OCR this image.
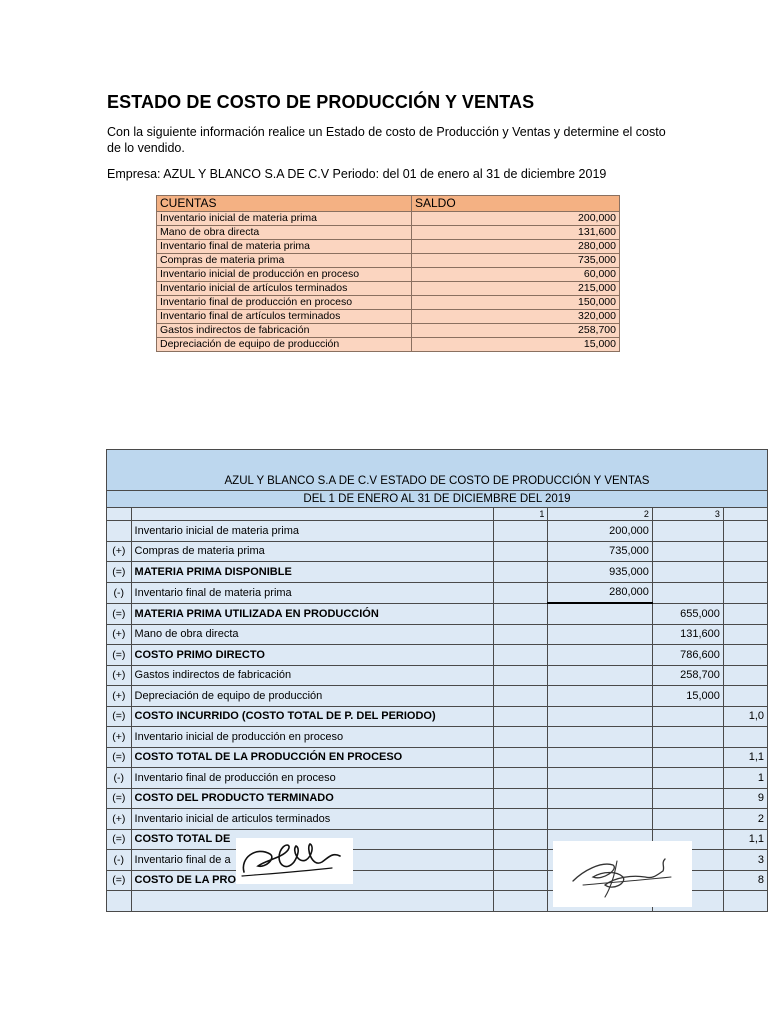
ESTADO DE COSTO DE PRODUCCIÓN Y VENTAS
Con la siguiente información realice un Estado de costo de Producción y Ventas y determine el costo de lo vendido.
Empresa: AZUL Y BLANCO S.A DE C.V Periodo: del 01 de enero al 31 de diciembre 2019
CUENTAS	SALDO
Inventario inicial de materia prima	200,000
Mano de obra directa	131,600
Inventario final de materia prima	280,000
Compras de materia prima	735,000
Inventario inicial de producción en proceso	60,000
Inventario inicial de artículos terminados	215,000
Inventario final de producción en proceso	150,000
Inventario final de artículos terminados	320,000
Gastos indirectos de fabricación	258,700
Depreciación de equipo de producción	15,000
AZUL Y BLANCO S.A DE C.V ESTADO DE COSTO DE PRODUCCIÓN Y VENTAS					
DEL 1 DE ENERO AL 31 DE DICIEMBRE DEL 2019					
		1	2	3	
	Inventario inicial de materia prima		200,000		
(+)	Compras de materia prima		735,000		
(=)	MATERIA PRIMA DISPONIBLE		935,000		
(-)	Inventario final de materia prima		280,000		
(=)	MATERIA PRIMA UTILIZADA EN PRODUCCIÓN			655,000	
(+)	Mano de obra directa			131,600	
(=)	COSTO PRIMO DIRECTO			786,600	
(+)	Gastos indirectos de fabricación			258,700	
(+)	Depreciación de equipo de producción			15,000	
(=)	COSTO INCURRIDO (COSTO TOTAL DE P. DEL PERIODO)				1,0
(+)	Inventario inicial de producción en proceso				
(=)	COSTO TOTAL DE LA PRODUCCIÓN EN PROCESO				1,1
(-)	Inventario final de producción en proceso				1
(=)	COSTO DEL PRODUCTO TERMINADO				9
(+)	Inventario inicial de articulos terminados				2
(=)	COSTO TOTAL DE				1,1
(-)	Inventario final de a				3
(=)	COSTO DE LA PRO				8
